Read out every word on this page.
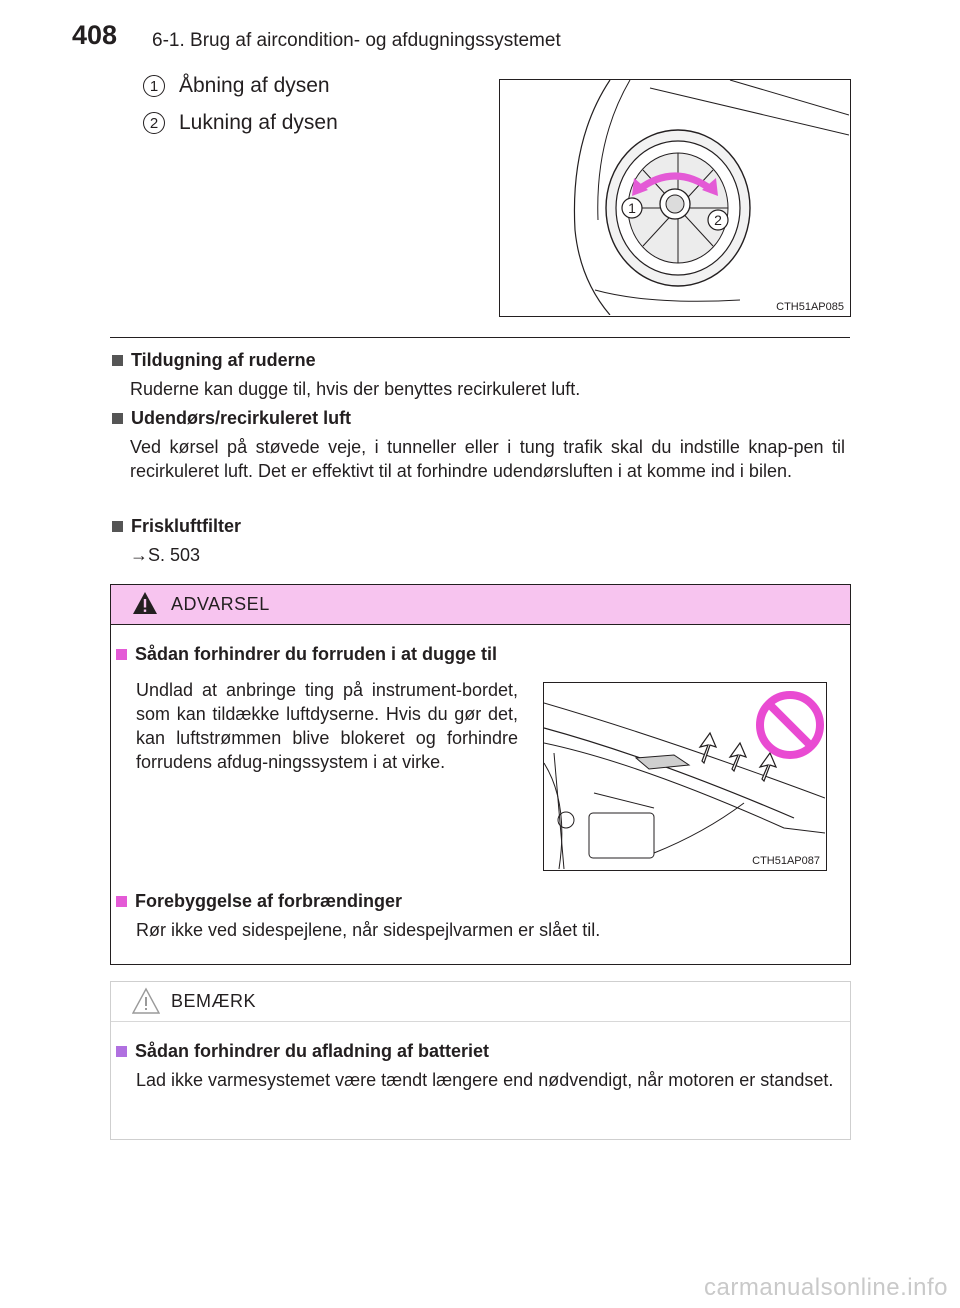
408 6-1. Brug af aircondition- og afdugningssystemet
1 Åbning af dysen
2 Lukning af dysen
1
2
CTH51AP085
Tildugning af ruderne
Ruderne kan dugge til, hvis der benyttes recirkuleret luft.
Udendørs/recirkuleret luft
Ved kørsel på støvede veje, i tunneller eller i tung trafik skal du indstille knap-pen til recirkuleret luft. Det er effektivt til at forhindre udendørsluften i at komme ind i bilen.
Friskluftfilter
→S. 503
ADVARSEL
Sådan forhindrer du forruden i at dugge til
Undlad at anbringe ting på instrument-bordet, som kan tildække luftdyserne. Hvis du gør det, kan luftstrømmen blive blokeret og forhindre forrudens afdug-ningssystem i at virke.
CTH51AP087
Forebyggelse af forbrændinger
Rør ikke ved sidespejlene, når sidespejlvarmen er slået til.
BEMÆRK
Sådan forhindrer du afladning af batteriet
Lad ikke varmesystemet være tændt længere end nødvendigt, når motoren er standset.
carmanualsonline.info
